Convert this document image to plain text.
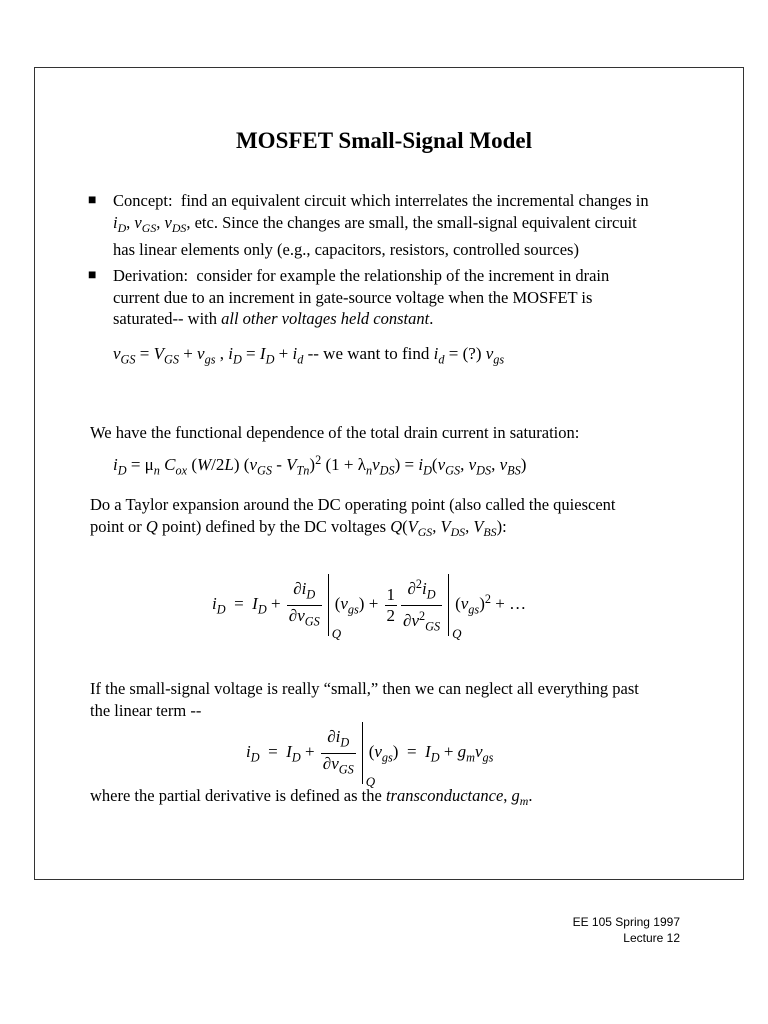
MOSFET Small-Signal Model
■ Concept: find an equivalent circuit which interrelates the incremental changes in
$i_D$, $v_{GS}$, $v_{DS}$, etc. Since the changes are small, the small-signal equivalent circuit
has linear elements only (e.g., capacitors, resistors, controlled sources)
■ Derivation: consider for example the relationship of the increment in drain
current due to an increment in gate-source voltage when the MOSFET is
saturated-- with all other voltages held constant.
$v_{GS} = V_{GS} + v_{gs}$ , $i_D = I_D + i_d$ -- we want to find $i_d$ = (?) $v_{gs}$
We have the functional dependence of the total drain current in saturation:
$i_D = \mu_n$ $C_{ox}$ (W/2L) $(v_{GS} - V_{Tn})^2$ $(1 + \lambda_nv_{DS}) = i_D(v_{GS}$, $v_{DS}$, $v_{BS}$)
Do a Taylor expansion around the DC operating point (also called the quiescent
point or Q point) defined by the DC voltages $Q(V_{GS}$, $V_{DS}$, $V_{BS}$):
$i_D = I_D + \frac{\partial i_D}{\partial v_{GS}}$
Q
$(v_{gs}) + \frac{1}{2} \frac{\partial^2i_D}{\partial v^2_{GS}}$ Q
$(v_{gs})^2$ + …
If the small-signal voltage is really “small,” then we can neglect all everything past
the linear term --
$i_D = I_D + \frac{\partial i_D}{\partial v_{GS}}$
Q
$(v_{gs}) = I_D + g_mv_{gs}$
where the partial derivative is defined as the transconductance, $g_m$.
EE 105 Spring 1997
Lecture 12
